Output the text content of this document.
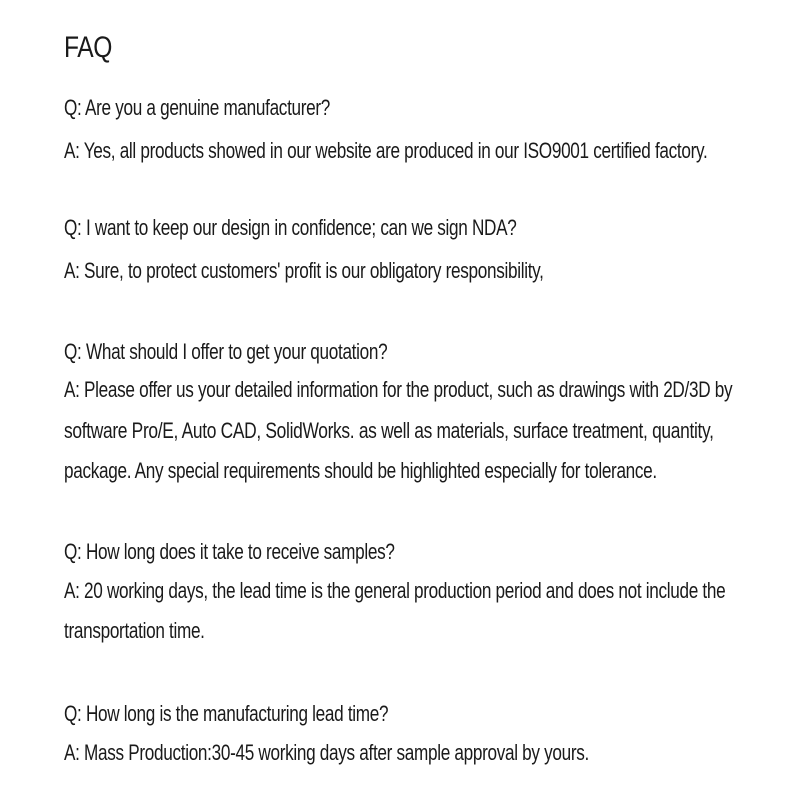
FAQ
Q: Are you a genuine manufacturer?
A: Yes, all products showed in our website are produced in our ISO9001 certified factory.
Q: I want to keep our design in confidence; can we sign NDA?
A: Sure, to protect customers' profit is our obligatory responsibility,
Q: What should I offer to get your quotation?
A: Please offer us your detailed information for the product, such as drawings with 2D/3D by
software Pro/E, Auto CAD, SolidWorks. as well as materials, surface treatment, quantity,
package. Any special requirements should be highlighted especially for tolerance.
Q: How long does it take to receive samples?
A: 20 working days, the lead time is the general production period and does not include the
transportation time.
Q: How long is the manufacturing lead time?
A: Mass Production:30-45 working days after sample approval by yours.
